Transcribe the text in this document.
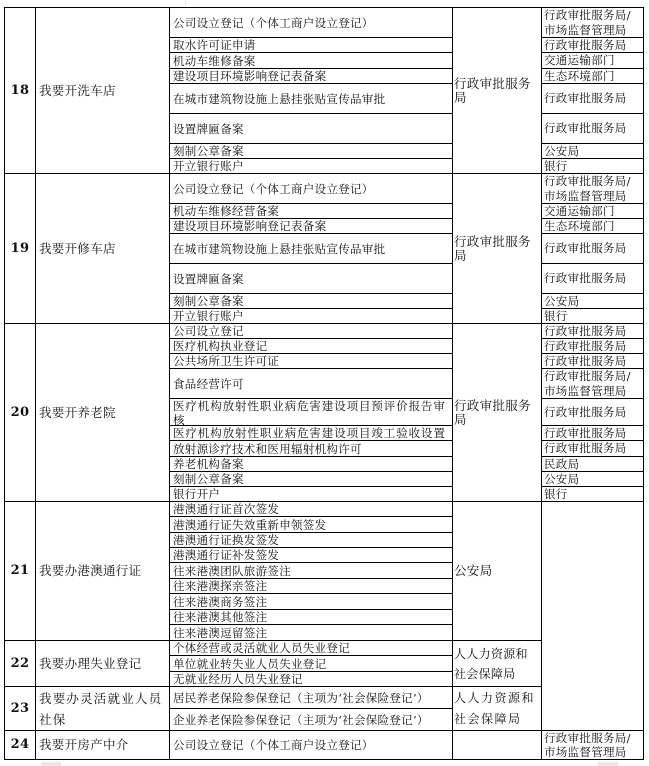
18 我要开洗车店
公司设立登记（个体工商户设立登记）
取水许可证申请
机动车维修备案
建设项目环境影响登记表备案
在城市建筑物设施上悬挂张贴宣传品审批
设置牌匾备案
刻制公章备案
开立银行账户
行政审批服务局
行政审批服务局/市场监督管理局
行政审批服务局
交通运输部门
生态环境部门
行政审批服务局
行政审批服务局
公安局
银行
19 我要开修车店
公司设立登记（个体工商户设立登记）
机动车维修经营备案
建设项目环境影响登记表备案
在城市建筑物设施上悬挂张贴宣传品审批
设置牌匾备案
刻制公章备案
开立银行账户
行政审批服务局
行政审批服务局/市场监督管理局
交通运输部门
生态环境部门
行政审批服务局
行政审批服务局
公安局
银行
20 我要开养老院
公司设立登记
医疗机构执业登记
公共场所卫生许可证
食品经营许可
医疗机构放射性职业病危害建设项目预评价报告审核
医疗机构放射性职业病危害建设项目竣工验收设置
放射源诊疗技术和医用辐射机构许可
养老机构备案
刻制公章备案
银行开户
行政审批服务局
行政审批服务局
行政审批服务局
行政审批服务局
行政审批服务局/市场监督管理局
行政审批服务局
行政审批服务局
行政审批服务局
民政局
公安局
银行
21 我要办港澳通行证
港澳通行证首次签发
港澳通行证失效重新申领签发
港澳通行证换发签发
港澳通行证补发签发
往来港澳团队旅游签注
往来港澳探亲签注
往来港澳商务签注
往来港澳其他签注
往来港澳逗留签注
公安局
22 我要办理失业登记
个体经营或灵活就业人员失业登记
单位就业转失业人员失业登记
无就业经历人员失业登记
人人力资源和社会保障局
23
我要办灵活就业人员社保
居民养老保险参保登记（主项为‘社会保险登记’）
企业养老保险参保登记（主项为‘社会保险登记’）
人人力资源和社会保障局
24 我要开房产中介	公司设立登记（个体工商户设立登记）
行政审批服务局/市场监督管理局
